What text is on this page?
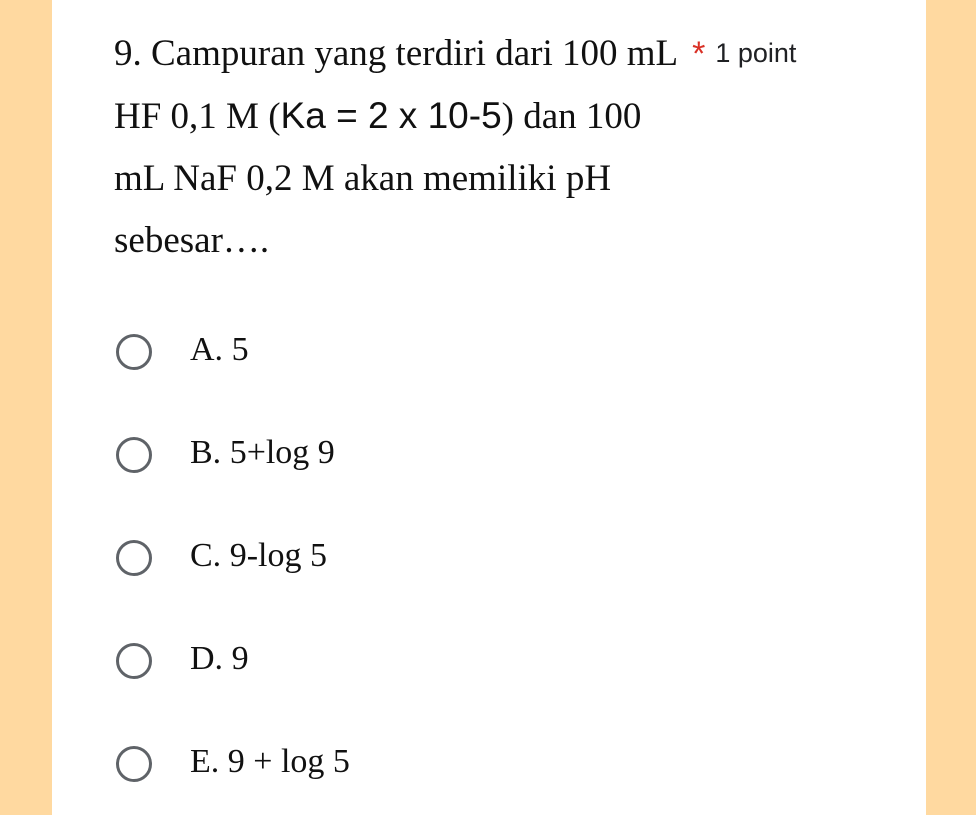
9. Campuran yang terdiri dari 100 mL * 1 point
HF 0,1 M (Ka = 2 x 10-5) dan 100
mL NaF 0,2 M akan memiliki pH
sebesar….
A. 5
B. 5+log 9
C. 9-log 5
D. 9
E. 9 + log 5
